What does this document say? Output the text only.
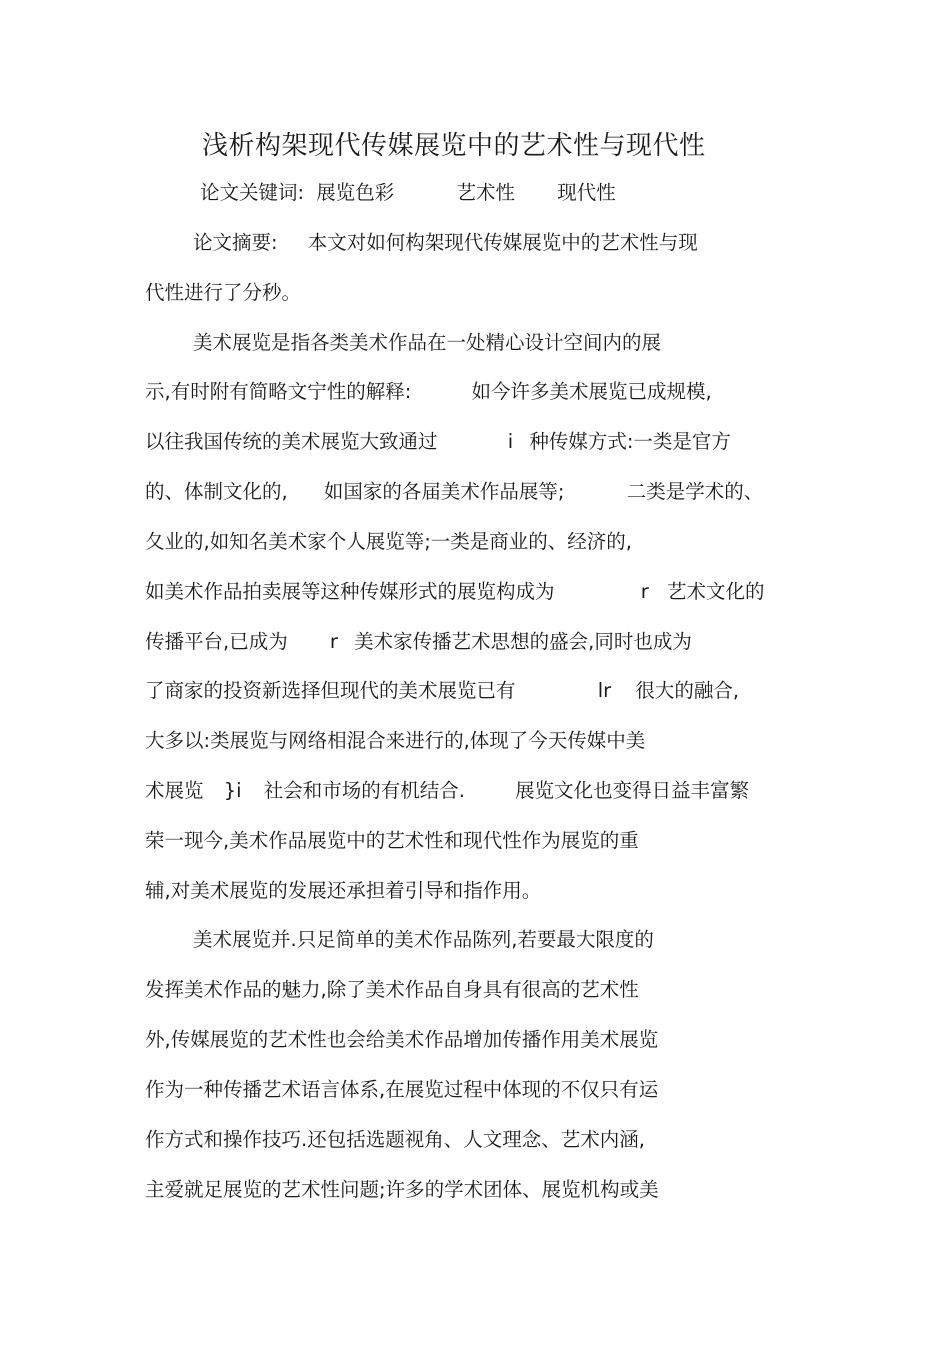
浅析构架现代传媒展览中的艺术性与现代性
论文关键词: 展览色彩	艺术性 现代性
论文摘要: 本文对如何构架现代传媒展览中的艺术性与现
代性进行了分秒。
美术展览是指各类美术作品在一处精心设计空间内的展
示,有时附有简略文宁性的解释:	如今许多美术展览已成规模,
以往我国传统的美术展览大致通过	i 种传媒方式:一类是官方
的、体制文化的, 如国家的各届美术作品展等;	二类是学术的、
夂业的,如知名美术家个人展览等;一类是商业的、经济的,
如美术作品拍卖展等这种传媒形式的展览构成为	r 艺术文化的
传播平台,已成为 r 美术家传播艺术思想的盛会,同时也成为
了商家的投资新选择但现代的美术展览已有	lr 很大的融合,
大多以:类展览与网络相混合来进行的,体现了今天传媒中美
术展览 }i 社会和市场的有机结合.	展览文化也变得日益丰富繁
荣一现今,美术作品展览中的艺术性和现代性作为展览的重
辅,对美术展览的发展还承担着引导和指作用。
美术展览并.只足简单的美术作品陈列,若要最大限度的
发挥美术作品的魅力,除了美术作品自身具有很高的艺术性
外,传媒展览的艺术性也会给美术作品增加传播作用美术展览
作为一种传播艺术语言体系,在展览过程中体现的不仅只有运
作方式和操作技巧.还包括选题视角、人文理念、艺术内涵,
主爱就足展览的艺术性问题;许多的学术团体、展览机构或美
